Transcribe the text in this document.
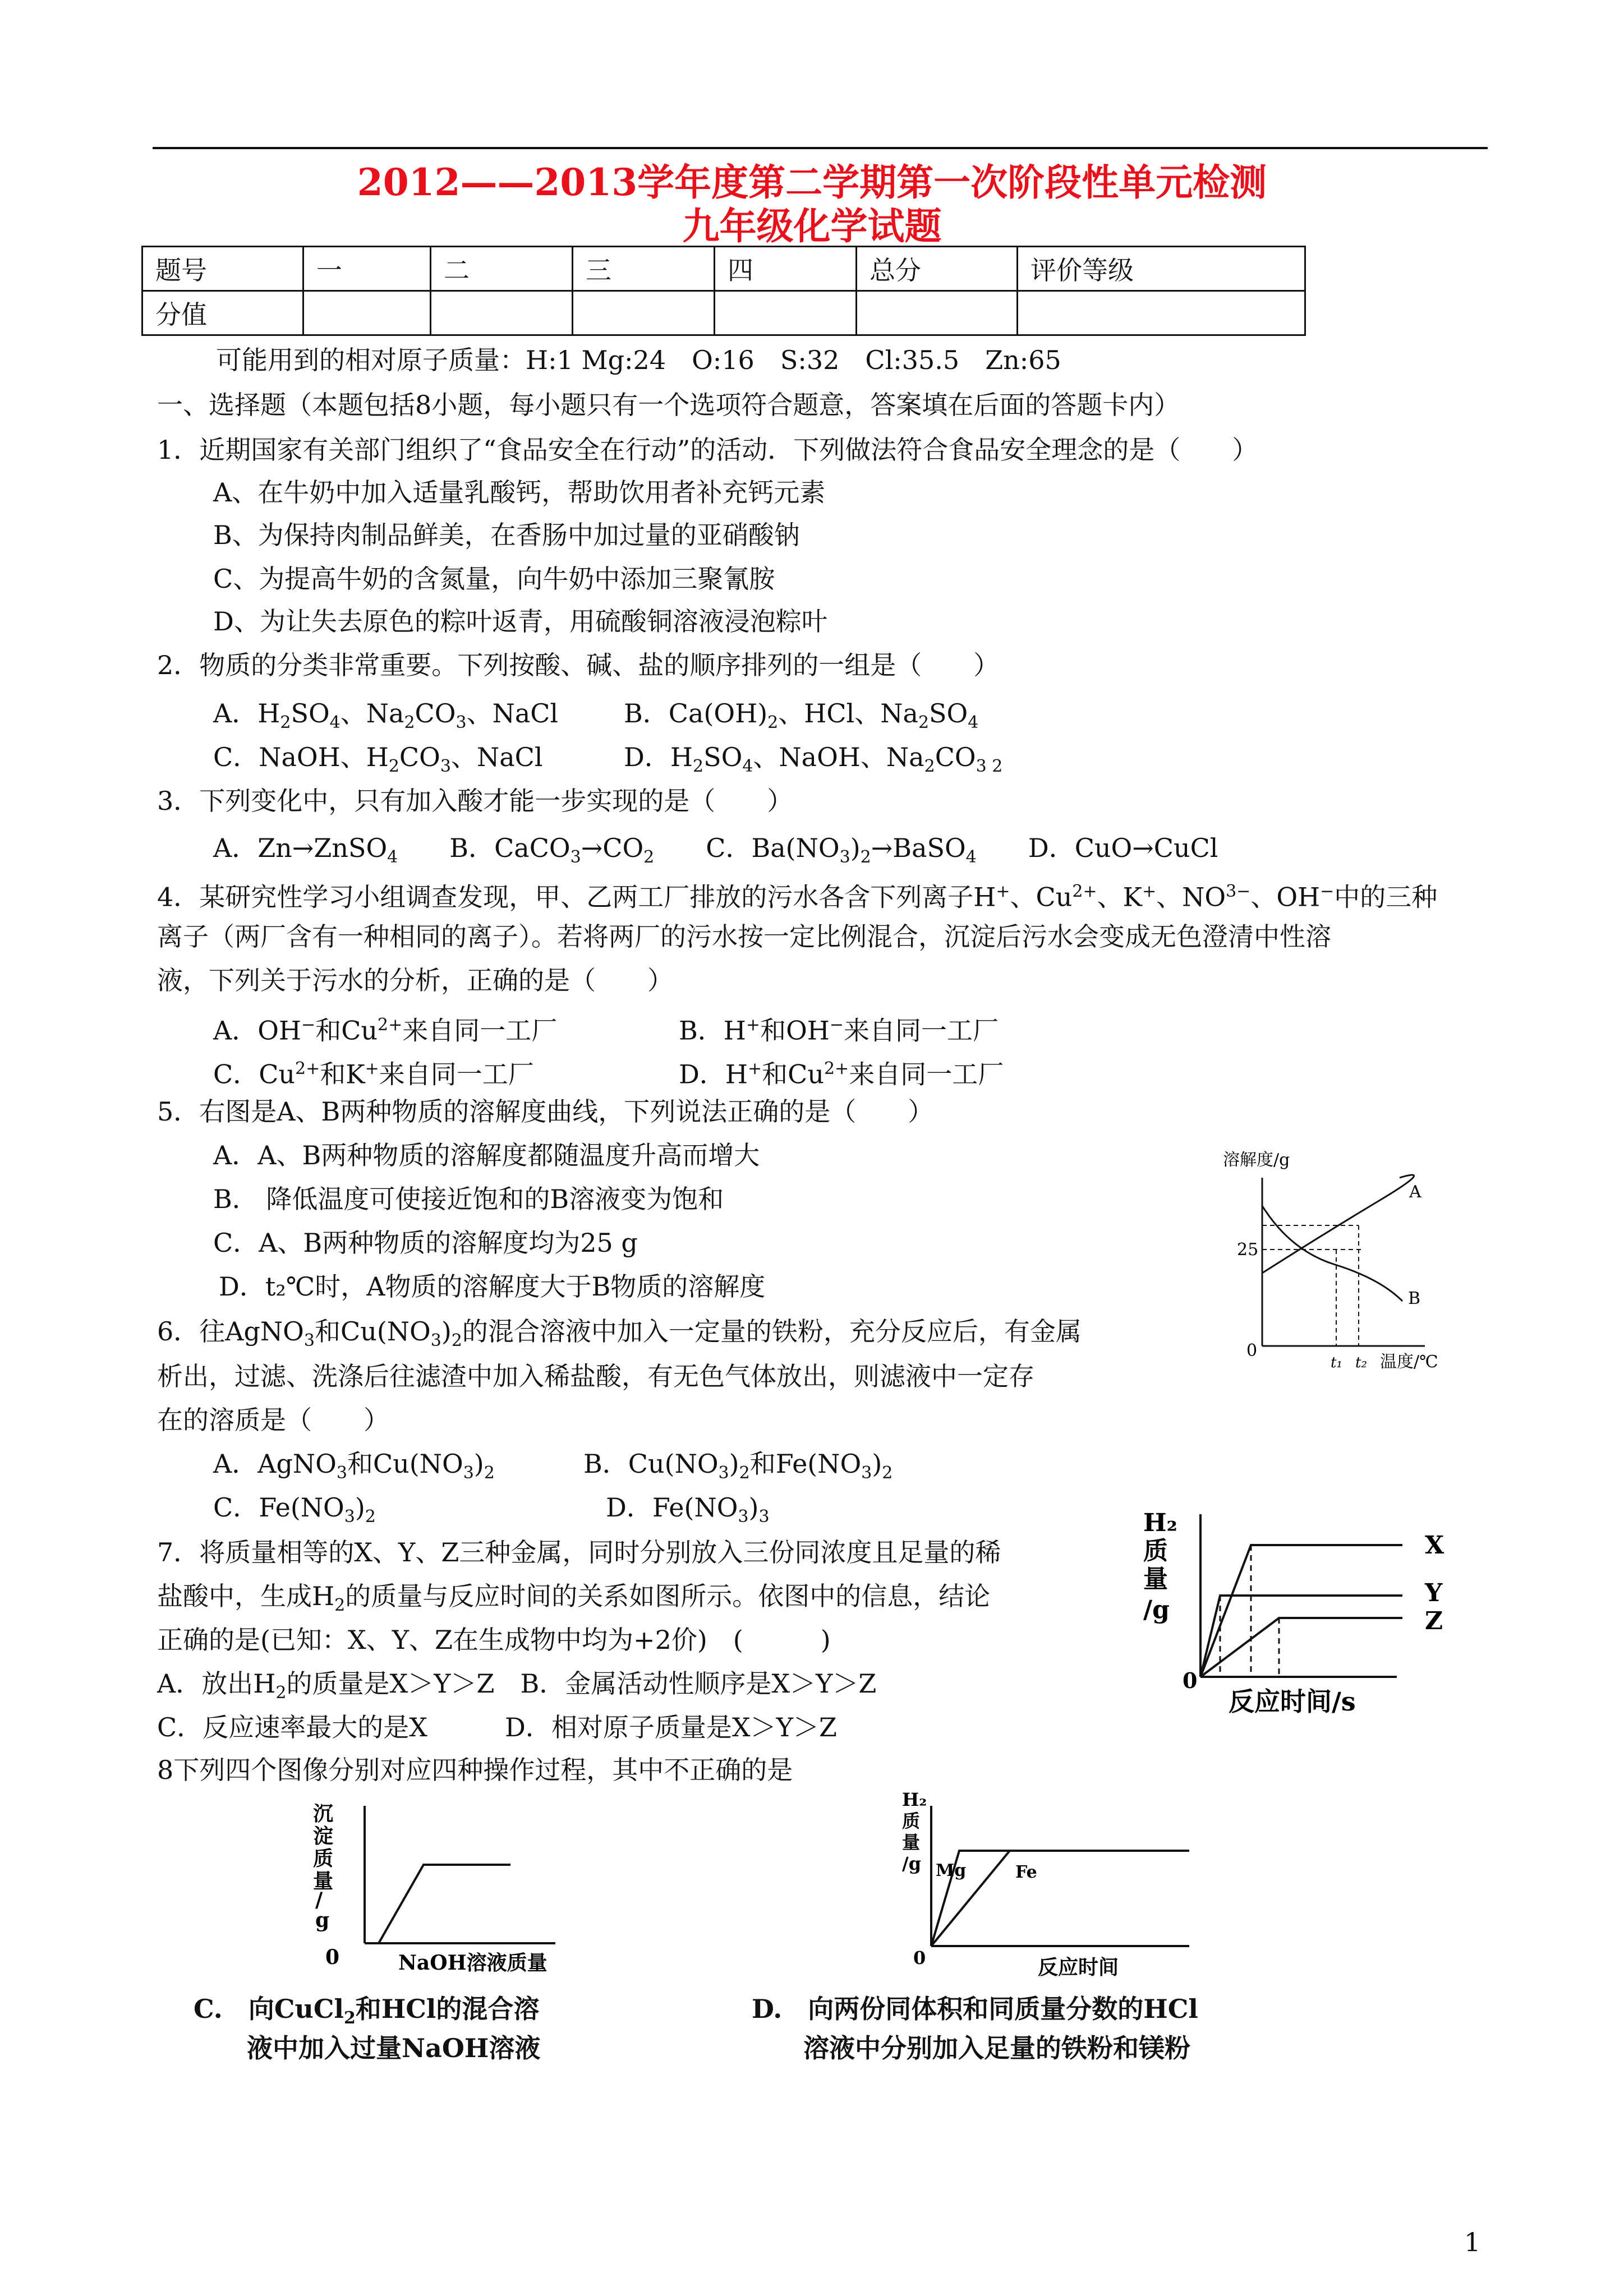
2012——2013学年度第二学期第一次阶段性单元检测
九年级化学试题
题号	一	二	三	四	总分	评价等级
分值						
可能用到的相对原子质量：H:1 Mg:24　O:16　S:32　Cl:35.5　Zn:65
一、选择题（本题包括8小题，每小题只有一个选项符合题意，答案填在后面的答题卡内）
1．近期国家有关部门组织了“食品安全在行动”的活动．下列做法符合食品安全理念的是（　　）
A、在牛奶中加入适量乳酸钙，帮助饮用者补充钙元素
B、为保持肉制品鲜美，在香肠中加过量的亚硝酸钠
C、为提高牛奶的含氮量，向牛奶中添加三聚氰胺
D、为让失去原色的粽叶返青，用硫酸铜溶液浸泡粽叶
2．物质的分类非常重要。下列按酸、碱、盐的顺序排列的一组是（　　）
A．$H_2SO_4$、$Na_2CO_3$、NaCl	B．$Ca(OH)_2$、HCl、$Na_2SO_4$
C．NaOH、$H_2CO_3$、NaCl	D．$H_2SO_4$、NaOH、$Na_2CO_{3 2}$
3．下列变化中，只有加入酸才能一步实现的是（　　）
A．Zn→ZnSO$_4$　　B．$CaCO_3\to CO_2$　　C．$Ba(NO_3)_2\to BaSO_4$　　D．CuO→CuCl
4．某研究性学习小组调查发现，甲、乙两工厂排放的污水各含下列离子H+、$Cu^{2+}$、K+、$NO^{3-}$、OH−中的三种
离子（两厂含有一种相同的离子）。若将两厂的污水按一定比例混合，沉淀后污水会变成无色澄清中性溶
液，下列关于污水的分析，正确的是（　　）
A．OH−和$Cu^{2+}$来自同一工厂	B．H+和OH−来自同一工厂
C．$Cu^{2+}$和K+来自同一工厂	D．H+和$Cu^{2+}$来自同一工厂
5．右图是A、B两种物质的溶解度曲线，下列说法正确的是（　　）
A．A、B两种物质的溶解度都随温度升高而增大
B． 降低温度可使接近饱和的B溶液变为饱和
C．A、B两种物质的溶解度均为25 g
D．t₂℃时，A物质的溶解度大于B物质的溶解度
溶解度/g
A
B
25
0
t₁ t₂ 温度/℃
6．往AgNO$_3$和$Cu(NO_3)_2$的混合溶液中加入一定量的铁粉，充分反应后，有金属
析出，过滤、洗涤后往滤渣中加入稀盐酸，有无色气体放出，则滤液中一定存
在的溶质是（　　）
A．AgNO$_3$和$Cu(NO_3)_2$	B．$Cu(NO_3)_2$和$Fe(NO_3)_2$
C．$Fe(NO_3)_2$	D．$Fe(NO_3)_3$
7．将质量相等的X、Y、Z三种金属，同时分别放入三份同浓度且足量的稀
盐酸中，生成$H_2$的质量与反应时间的关系如图所示。依图中的信息，结论
正确的是(已知：X、Y、Z在生成物中均为+2价)　(　　　)
A．放出$H_2$的质量是X＞Y＞Z　B．金属活动性顺序是X＞Y＞Z
C．反应速率最大的是X　　　D．相对原子质量是X＞Y＞Z
H₂
质
量
/g
X
Y
Z
0
反应时间/s
8下列四个图像分别对应四种操作过程，其中不正确的是
沉
淀
质
量
/
g
0	NaOH溶液质量
H₂
质
量
/g Mg	Fe
0	反应时间
C.　向CuCl$_2$和HCl的混合溶
液中加入过量NaOH溶液
D.　向两份同体积和同质量分数的HCl
溶液中分别加入足量的铁粉和镁粉
1
